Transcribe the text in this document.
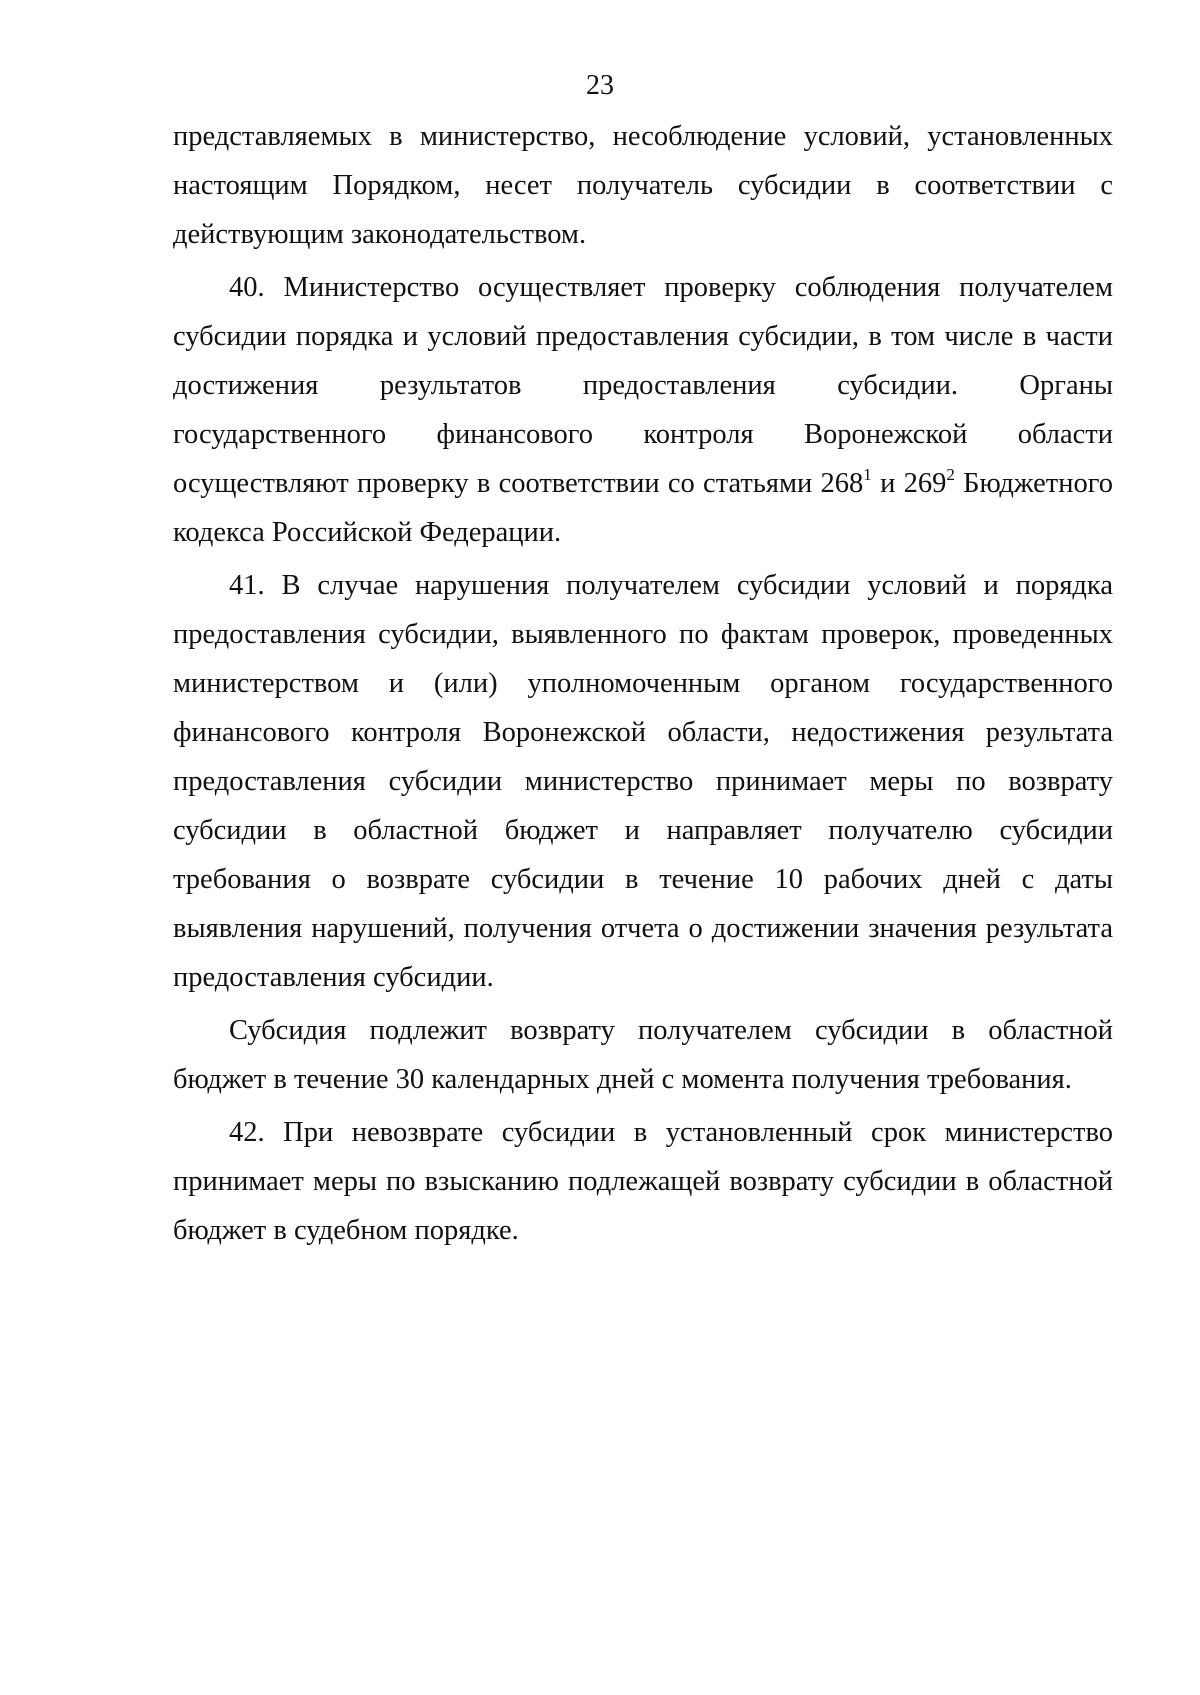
23

представляемых в министерство, несоблюдение условий, установленных настоящим Порядком, несет получатель субсидии в соответствии с действующим законодательством.

40. Министерство осуществляет проверку соблюдения получателем субсидии порядка и условий предоставления субсидии, в том числе в части достижения результатов предоставления субсидии. Органы государственного финансового контроля Воронежской области осуществляют проверку в соответствии со статьями $268^1$ и $269^2$ Бюджетного кодекса Российской Федерации.

41. В случае нарушения получателем субсидии условий и порядка предоставления субсидии, выявленного по фактам проверок, проведенных министерством и (или) уполномоченным органом государственного финансового контроля Воронежской области, недостижения результата предоставления субсидии министерство принимает меры по возврату субсидии в областной бюджет и направляет получателю субсидии требования о возврате субсидии в течение 10 рабочих дней с даты выявления нарушений, получения отчета о достижении значения результата предоставления субсидии.

Субсидия подлежит возврату получателем субсидии в областной бюджет в течение 30 календарных дней с момента получения требования.

42. При невозврате субсидии в установленный срок министерство принимает меры по взысканию подлежащей возврату субсидии в областной бюджет в судебном порядке.
